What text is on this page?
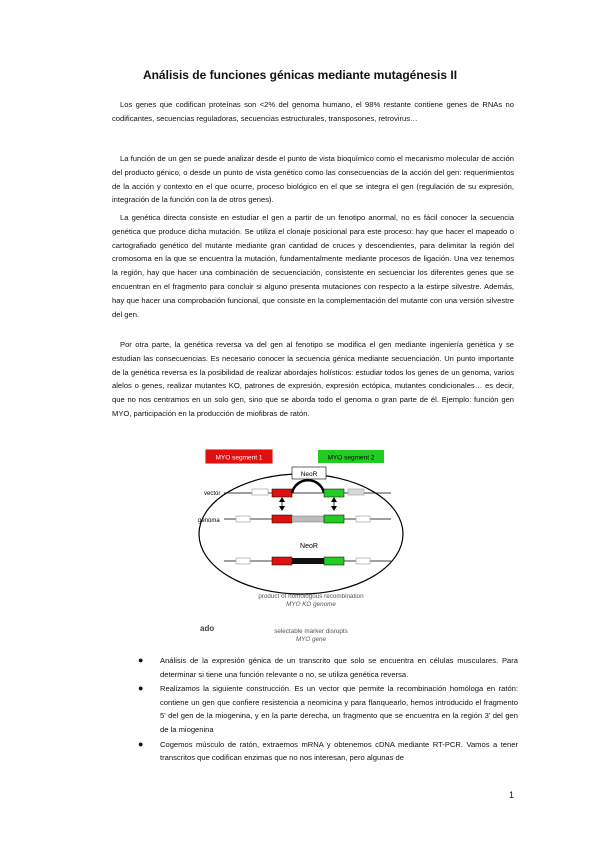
Análisis de funciones génicas mediante mutagénesis II

Los genes que codifican proteínas son <2% del genoma humano, el 98% restante contiene genes de RNAs no codificantes, secuencias reguladoras, secuencias estructurales, transposones, retrovirus…

La función de un gen se puede analizar desde el punto de vista bioquímico como el mecanismo molecular de acción del producto génico, o desde un punto de vista genético como las consecuencias de la acción del gen: requerimientos de la acción y contexto en el que ocurre, proceso biológico en el que se integra el gen (regulación de su expresión, integración de la función con la de otros genes).

La genética directa consiste en estudiar el gen a partir de un fenotipo anormal, no es fácil conocer la secuencia genética que produce dicha mutación. Se utiliza el clonaje posicional para este proceso: hay que hacer el mapeado o cartografiado genético del mutante mediante gran cantidad de cruces y descendientes, para delimitar la región del cromosoma en la que se encuentra la mutación, fundamentalmente mediante procesos de ligación. Una vez tenemos la región, hay que hacer una combinación de secuenciación, consistente en secuenciar los diferentes genes que se encuentran en el fragmento para concluir si alguno presenta mutaciones con respecto a la estirpe silvestre. Además, hay que hacer una comprobación funcional, que consiste en la complementación del mutante con una versión silvestre del gen.

Por otra parte, la genética reversa va del gen al fenotipo se modifica el gen mediante ingeniería genética y se estudian las consecuencias. Es necesario conocer la secuencia génica mediante secuenciación. Un punto importante de la genética reversa es la posibilidad de realizar abordajes holísticos: estudiar todos los genes de un genoma, varios alelos o genes, realizar mutantes KO, patrones de expresión, expresión ectópica, mutantes condicionales… es decir, que no nos centramos en un solo gen, sino que se aborda todo el genoma o gran parte de él. Ejemplo: función gen MYO, participación en la producción de miofibras de ratón.

MYO segment 1	MYO segment 2
NeoR
vector
genoma
NeoR
product of homologous recombination
MYO KO genome
selectable marker disrupts
MYO gene
ado
● Análisis de la expresión génica de un transcrito que solo se encuentra en células musculares. Para determinar si tiene una función relevante o no, se utiliza genética reversa.
● Realizamos la siguiente construcción. Es un vector que permite la recombinación homóloga en ratón: contiene un gen que confiere resistencia a neomicina y para flanquearlo, hemos introducido el fragmento 5' del gen de la miogenina, y en la parte derecha, un fragmento que se encuentra en la región 3' del gen de la miogenina
● Cogemos músculo de ratón, extraemos mRNA y obtenemos cDNA mediante RT-PCR. Vamos a tener transcritos que codifican enzimas que no nos interesan, pero algunas de
1
